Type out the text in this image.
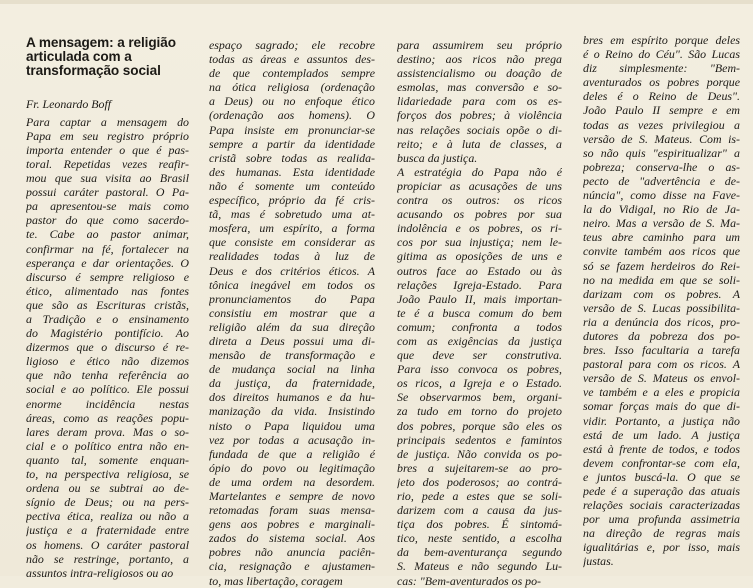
A mensagem: a religião
articulada com a
transformação social

Fr. Leonardo Boff

Para captar a mensagem do
Papa em seu registro próprio
importa entender o que é pas-
toral. Repetidas vezes reafir-
mou que sua visita ao Brasil
possui caráter pastoral. O Pa-
pa apresentou-se mais como
pastor do que como sacerdo-
te. Cabe ao pastor animar,
confirmar na fé, fortalecer na
esperança e dar orientações. O
discurso é sempre religioso e
ético, alimentado nas fontes
que são as Escrituras cristãs,
a Tradição e o ensinamento
do Magistério pontifício. Ao
dizermos que o discurso é re-
ligioso e ético não dizemos
que não tenha referência ao
social e ao político. Ele possui
enorme incidência nestas
áreas, como as reações popu-
lares deram prova. Mas o so-
cial e o político entra não en-
quanto tal, somente enquan-
to, na perspectiva religiosa, se
ordena ou se subtrai ao de-
sígnio de Deus; ou na pers-
pectiva ética, realiza ou não a
justiça e a fraternidade entre
os homens. O caráter pastoral
não se restringe, portanto, a
assuntos intra-religiosos ou ao
espaço sagrado; ele recobre
todas as áreas e assuntos des-
de que contemplados sempre
na ótica religiosa (ordenação
a Deus) ou no enfoque ético
(ordenação aos homens). O
Papa insiste em pronunciar-se
sempre a partir da identidade
cristã sobre todas as realida-
des humanas. Esta identidade
não é somente um conteúdo
específico, próprio da fé cris-
tã, mas é sobretudo uma at-
mosfera, um espírito, a forma
que consiste em considerar as
realidades todas à luz de
Deus e dos critérios éticos. A
tônica inegável em todos os
pronunciamentos do Papa
consistiu em mostrar que a
religião além da sua direção
direta a Deus possui uma di-
mensão de transformação e
de mudança social na linha
da justiça, da fraternidade,
dos direitos humanos e da hu-
manização da vida. Insistindo
nisto o Papa liquidou uma
vez por todas a acusação in-
fundada de que a religião é
ópio do povo ou legitimação
de uma ordem na desordem.
Martelantes e sempre de novo
retomadas foram suas mensa-
gens aos pobres e marginali-
zados do sistema social. Aos
pobres não anuncia paciên-
cia, resignação e ajustamen-
to, mas libertação, coragem
para assumirem seu próprio
destino; aos ricos não prega
assistencialismo ou doação de
esmolas, mas conversão e so-
lidariedade para com os es-
forços dos pobres; à violência
nas relações sociais opõe o di-
reito; e à luta de classes, a
busca da justiça.
A estratégia do Papa não é
propiciar as acusações de uns
contra os outros: os ricos
acusando os pobres por sua
indolência e os pobres, os ri-
cos por sua injustiça; nem le-
gitima as oposições de uns e
outros face ao Estado ou às
relações Igreja-Estado. Para
João Paulo II, mais importan-
te é a busca comum do bem
comum; confronta a todos
com as exigências da justiça
que deve ser construtiva.
Para isso convoca os pobres,
os ricos, a Igreja e o Estado.
Se observarmos bem, organi-
za tudo em torno do projeto
dos pobres, porque são eles os
principais sedentos e famintos
de justiça. Não convida os po-
bres a sujeitarem-se ao pro-
jeto dos poderosos; ao contrá-
rio, pede a estes que se soli-
darizem com a causa da jus-
tiça dos pobres. É sintomá-
tico, neste sentido, a escolha
da bem-aventurança segundo
S. Mateus e não segundo Lu-
cas: "Bem-aventurados os po-
bres em espírito porque deles
é o Reino do Céu". São Lucas
diz simplesmente: "Bem-
aventurados os pobres porque
deles é o Reino de Deus".
João Paulo II sempre e em
todas as vezes privilegiou a
versão de S. Mateus. Com is-
so não quis "espiritualizar" a
pobreza; conserva-lhe o as-
pecto de "advertência e de-
núncia", como disse na Fave-
la do Vidigal, no Rio de Ja-
neiro. Mas a versão de S. Ma-
teus abre caminho para um
convite também aos ricos que
só se fazem herdeiros do Rei-
no na medida em que se soli-
darizam com os pobres. A
versão de S. Lucas possibilita-
ria a denúncia dos ricos, pro-
dutores da pobreza dos po-
bres. Isso facultaria a tarefa
pastoral para com os ricos. A
versão de S. Mateus os envol-
ve também e a eles e propicia
somar forças mais do que di-
vidir. Portanto, a justiça não
está de um lado. A justiça
está à frente de todos, e todos
devem confrontar-se com ela,
e juntos buscá-la. O que se
pede é a superação das atuais
relações sociais caracterizadas
por uma profunda assimetria
na direção de regras mais
igualitárias e, por isso, mais
justas.
